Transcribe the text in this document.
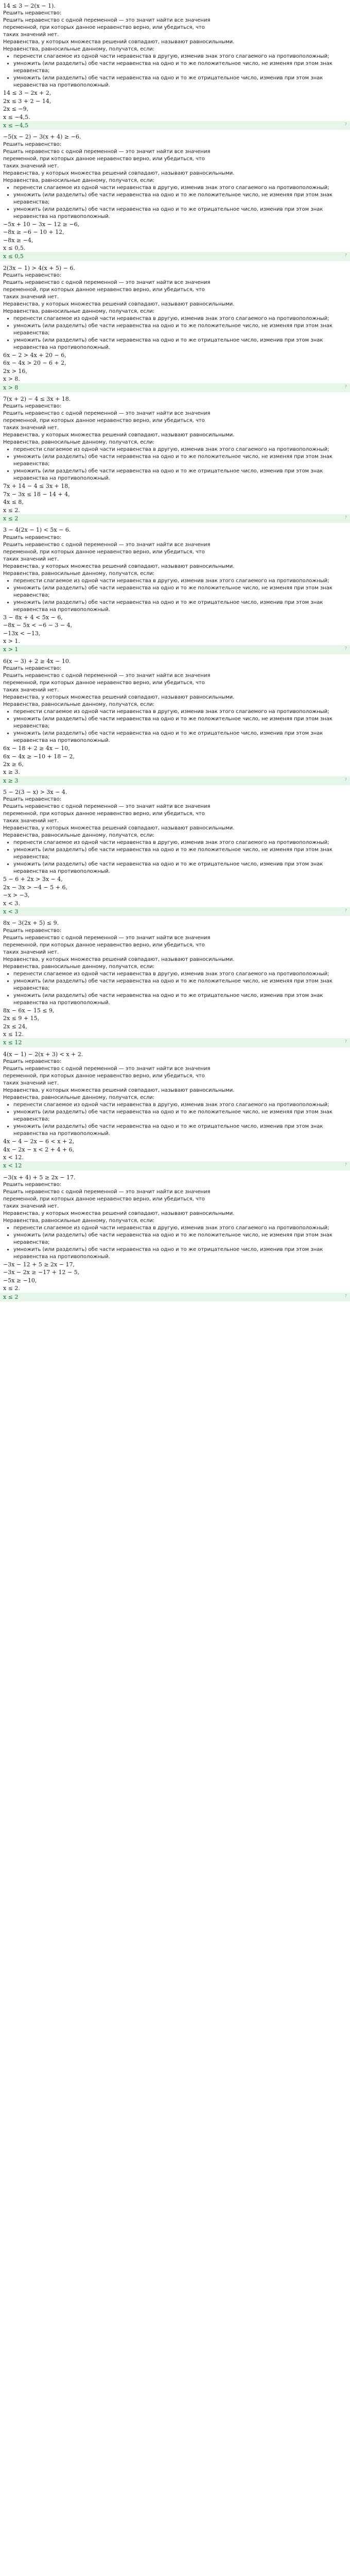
14 ≤ 3 − 2(x − 1).
Решить неравенство:
Решить неравенство с одной переменной — это значит найти все значения
переменной, при которых данное неравенство верно, или убедиться, что
таких значений нет.
Неравенства, у которых множества решений совпадают, называют равносильными.
Неравенства, равносильные данному, получатся, если:
• перенести слагаемое из одной части неравенства в другую, изменив знак этого слагаемого на противоположный;
• умножить (или разделить) обе части неравенства на одно и то же положительное число, не изменяя при этом знак неравенства;
• умножить (или разделить) обе части неравенства на одно и то же отрицательное число, изменив при этом знак неравенства на противоположный.
14 ≤ 3 − 2x + 2,
2x ≤ 3 + 2 − 14,
2x ≤ −9,
x ≤ −4,5.
x ≤ −4,5	?
−5(x − 2) − 3(x + 4) ≥ −6.
Решить неравенство:
Решить неравенство с одной переменной — это значит найти все значения
переменной, при которых данное неравенство верно, или убедиться, что
таких значений нет.
Неравенства, у которых множества решений совпадают, называют равносильными.
Неравенства, равносильные данному, получатся, если:
• перенести слагаемое из одной части неравенства в другую, изменив знак этого слагаемого на противоположный;
• умножить (или разделить) обе части неравенства на одно и то же положительное число, не изменяя при этом знак неравенства;
• умножить (или разделить) обе части неравенства на одно и то же отрицательное число, изменив при этом знак неравенства на противоположный.
−5x + 10 − 3x − 12 ≥ −6,
−8x ≥ −6 − 10 + 12,
−8x ≥ −4,
x ≤ 0,5.
x ≤ 0,5	?
2(3x − 1) > 4(x + 5) − 6.
Решить неравенство:
Решить неравенство с одной переменной — это значит найти все значения
переменной, при которых данное неравенство верно, или убедиться, что
таких значений нет.
Неравенства, у которых множества решений совпадают, называют равносильными.
Неравенства, равносильные данному, получатся, если:
• перенести слагаемое из одной части неравенства в другую, изменив знак этого слагаемого на противоположный;
• умножить (или разделить) обе части неравенства на одно и то же положительное число, не изменяя при этом знак неравенства;
• умножить (или разделить) обе части неравенства на одно и то же отрицательное число, изменив при этом знак неравенства на противоположный.
6x − 2 > 4x + 20 − 6,
6x − 4x > 20 − 6 + 2,
2x > 16,
x > 8.
x > 8	?
7(x + 2) − 4 ≤ 3x + 18.
Решить неравенство:
Решить неравенство с одной переменной — это значит найти все значения
переменной, при которых данное неравенство верно, или убедиться, что
таких значений нет.
Неравенства, у которых множества решений совпадают, называют равносильными.
Неравенства, равносильные данному, получатся, если:
• перенести слагаемое из одной части неравенства в другую, изменив знак этого слагаемого на противоположный;
• умножить (или разделить) обе части неравенства на одно и то же положительное число, не изменяя при этом знак неравенства;
• умножить (или разделить) обе части неравенства на одно и то же отрицательное число, изменив при этом знак неравенства на противоположный.
7x + 14 − 4 ≤ 3x + 18,
7x − 3x ≤ 18 − 14 + 4,
4x ≤ 8,
x ≤ 2.
x ≤ 2	?
3 − 4(2x − 1) < 5x − 6.
Решить неравенство:
Решить неравенство с одной переменной — это значит найти все значения
переменной, при которых данное неравенство верно, или убедиться, что
таких значений нет.
Неравенства, у которых множества решений совпадают, называют равносильными.
Неравенства, равносильные данному, получатся, если:
• перенести слагаемое из одной части неравенства в другую, изменив знак этого слагаемого на противоположный;
• умножить (или разделить) обе части неравенства на одно и то же положительное число, не изменяя при этом знак неравенства;
• умножить (или разделить) обе части неравенства на одно и то же отрицательное число, изменив при этом знак неравенства на противоположный.
3 − 8x + 4 < 5x − 6,
−8x − 5x < −6 − 3 − 4,
−13x < −13,
x > 1.
x > 1	?
6(x − 3) + 2 ≥ 4x − 10.
Решить неравенство:
Решить неравенство с одной переменной — это значит найти все значения
переменной, при которых данное неравенство верно, или убедиться, что
таких значений нет.
Неравенства, у которых множества решений совпадают, называют равносильными.
Неравенства, равносильные данному, получатся, если:
• перенести слагаемое из одной части неравенства в другую, изменив знак этого слагаемого на противоположный;
• умножить (или разделить) обе части неравенства на одно и то же положительное число, не изменяя при этом знак неравенства;
• умножить (или разделить) обе части неравенства на одно и то же отрицательное число, изменив при этом знак неравенства на противоположный.
6x − 18 + 2 ≥ 4x − 10,
6x − 4x ≥ −10 + 18 − 2,
2x ≥ 6,
x ≥ 3.
x ≥ 3	?
5 − 2(3 − x) > 3x − 4.
Решить неравенство:
Решить неравенство с одной переменной — это значит найти все значения
переменной, при которых данное неравенство верно, или убедиться, что
таких значений нет.
Неравенства, у которых множества решений совпадают, называют равносильными.
Неравенства, равносильные данному, получатся, если:
• перенести слагаемое из одной части неравенства в другую, изменив знак этого слагаемого на противоположный;
• умножить (или разделить) обе части неравенства на одно и то же положительное число, не изменяя при этом знак неравенства;
• умножить (или разделить) обе части неравенства на одно и то же отрицательное число, изменив при этом знак неравенства на противоположный.
5 − 6 + 2x > 3x − 4,
2x − 3x > −4 − 5 + 6,
−x > −3,
x < 3.
x < 3	?
8x − 3(2x + 5) ≤ 9.
Решить неравенство:
Решить неравенство с одной переменной — это значит найти все значения
переменной, при которых данное неравенство верно, или убедиться, что
таких значений нет.
Неравенства, у которых множества решений совпадают, называют равносильными.
Неравенства, равносильные данному, получатся, если:
• перенести слагаемое из одной части неравенства в другую, изменив знак этого слагаемого на противоположный;
• умножить (или разделить) обе части неравенства на одно и то же положительное число, не изменяя при этом знак неравенства;
• умножить (или разделить) обе части неравенства на одно и то же отрицательное число, изменив при этом знак неравенства на противоположный.
8x − 6x − 15 ≤ 9,
2x ≤ 9 + 15,
2x ≤ 24,
x ≤ 12.
x ≤ 12	?
4(x − 1) − 2(x + 3) < x + 2.
Решить неравенство:
Решить неравенство с одной переменной — это значит найти все значения
переменной, при которых данное неравенство верно, или убедиться, что
таких значений нет.
Неравенства, у которых множества решений совпадают, называют равносильными.
Неравенства, равносильные данному, получатся, если:
• перенести слагаемое из одной части неравенства в другую, изменив знак этого слагаемого на противоположный;
• умножить (или разделить) обе части неравенства на одно и то же положительное число, не изменяя при этом знак неравенства;
• умножить (или разделить) обе части неравенства на одно и то же отрицательное число, изменив при этом знак неравенства на противоположный.
4x − 4 − 2x − 6 < x + 2,
4x − 2x − x < 2 + 4 + 6,
x < 12.
x < 12	?
−3(x + 4) + 5 ≥ 2x − 17.
Решить неравенство:
Решить неравенство с одной переменной — это значит найти все значения
переменной, при которых данное неравенство верно, или убедиться, что
таких значений нет.
Неравенства, у которых множества решений совпадают, называют равносильными.
Неравенства, равносильные данному, получатся, если:
• перенести слагаемое из одной части неравенства в другую, изменив знак этого слагаемого на противоположный;
• умножить (или разделить) обе части неравенства на одно и то же положительное число, не изменяя при этом знак неравенства;
• умножить (или разделить) обе части неравенства на одно и то же отрицательное число, изменив при этом знак неравенства на противоположный.
−3x − 12 + 5 ≥ 2x − 17,
−3x − 2x ≥ −17 + 12 − 5,
−5x ≥ −10,
x ≤ 2.
x ≤ 2	?
